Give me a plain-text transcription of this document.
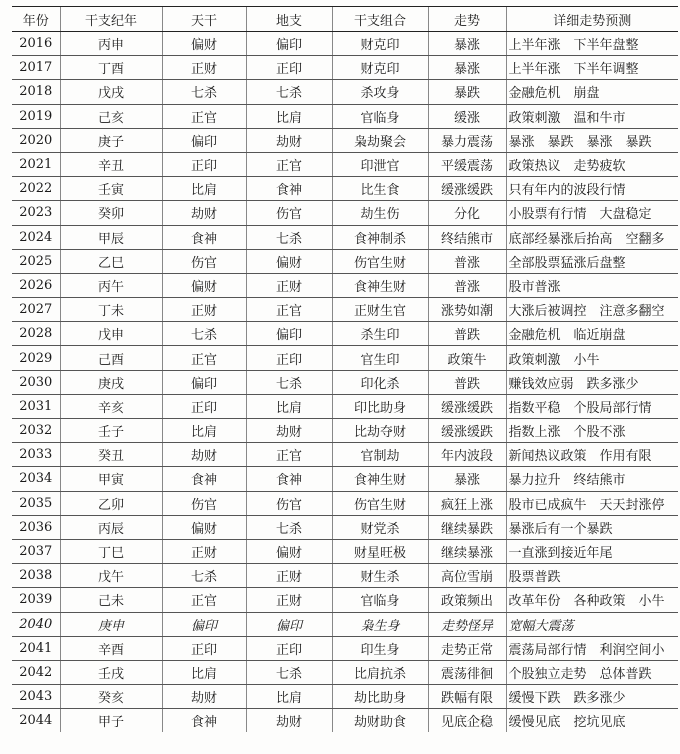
年份	干支纪年	天干	地支	干支组合	走势	详细走势预测
2016	丙申	偏财	偏印	财克印	暴涨	上半年涨　下半年盘整
2017	丁酉	正财	正印	财克印	暴涨	上半年涨　下半年调整
2018	戊戌	七杀	七杀	杀攻身	暴跌	金融危机　崩盘
2019	己亥	正官	比肩	官临身	缓涨	政策刺激　温和牛市
2020	庚子	偏印	劫财	枭劫聚会	暴力震荡	暴涨　暴跌　暴涨　暴跌
2021	辛丑	正印	正官	印泄官	平缓震荡	政策热议　走势疲软
2022	壬寅	比肩	食神	比生食	缓涨缓跌	只有年内的波段行情
2023	癸卯	劫财	伤官	劫生伤	分化	小股票有行情　大盘稳定
2024	甲辰	食神	七杀	食神制杀	终结熊市	底部经暴涨后抬高　空翻多
2025	乙巳	伤官	偏财	伤官生财	普涨	全部股票猛涨后盘整
2026	丙午	偏财	正财	食神生财	普涨	股市普涨
2027	丁未	正财	正官	正财生官	涨势如潮	大涨后被调控　注意多翻空
2028	戊申	七杀	偏印	杀生印	普跌	金融危机　临近崩盘
2029	己酉	正官	正印	官生印	政策牛	政策刺激　小牛
2030	庚戌	偏印	七杀	印化杀	普跌	赚钱效应弱　跌多涨少
2031	辛亥	正印	比肩	印比助身	缓涨缓跌	指数平稳　个股局部行情
2032	壬子	比肩	劫财	比劫夺财	缓涨缓跌	指数上涨　个股不涨
2033	癸丑	劫财	正官	官制劫	年内波段	新闻热议政策　作用有限
2034	甲寅	食神	食神	食神生财	暴涨	暴力拉升　终结熊市
2035	乙卯	伤官	伤官	伤官生财	疯狂上涨	股市已成疯牛　天天封涨停
2036	丙辰	偏财	七杀	财党杀	继续暴跌	暴涨后有一个暴跌
2037	丁巳	正财	偏财	财星旺极	继续暴涨	一直涨到接近年尾
2038	戊午	七杀	正财	财生杀	高位雪崩	股票普跌
2039	己未	正官	正财	官临身	政策频出	改革年份　各种政策　小牛
2040	庚申	偏印	偏印	枭生身	走势怪异	宽幅大震荡
2041	辛酉	正印	正印	印生身	走势正常	震荡局部行情　利润空间小
2042	壬戌	比肩	七杀	比肩抗杀	震荡徘徊	个股独立走势　总体普跌
2043	癸亥	劫财	比肩	劫比助身	跌幅有限	缓慢下跌　跌多涨少
2044	甲子	食神	劫财	劫财助食	见底企稳	缓慢见底　挖坑见底
